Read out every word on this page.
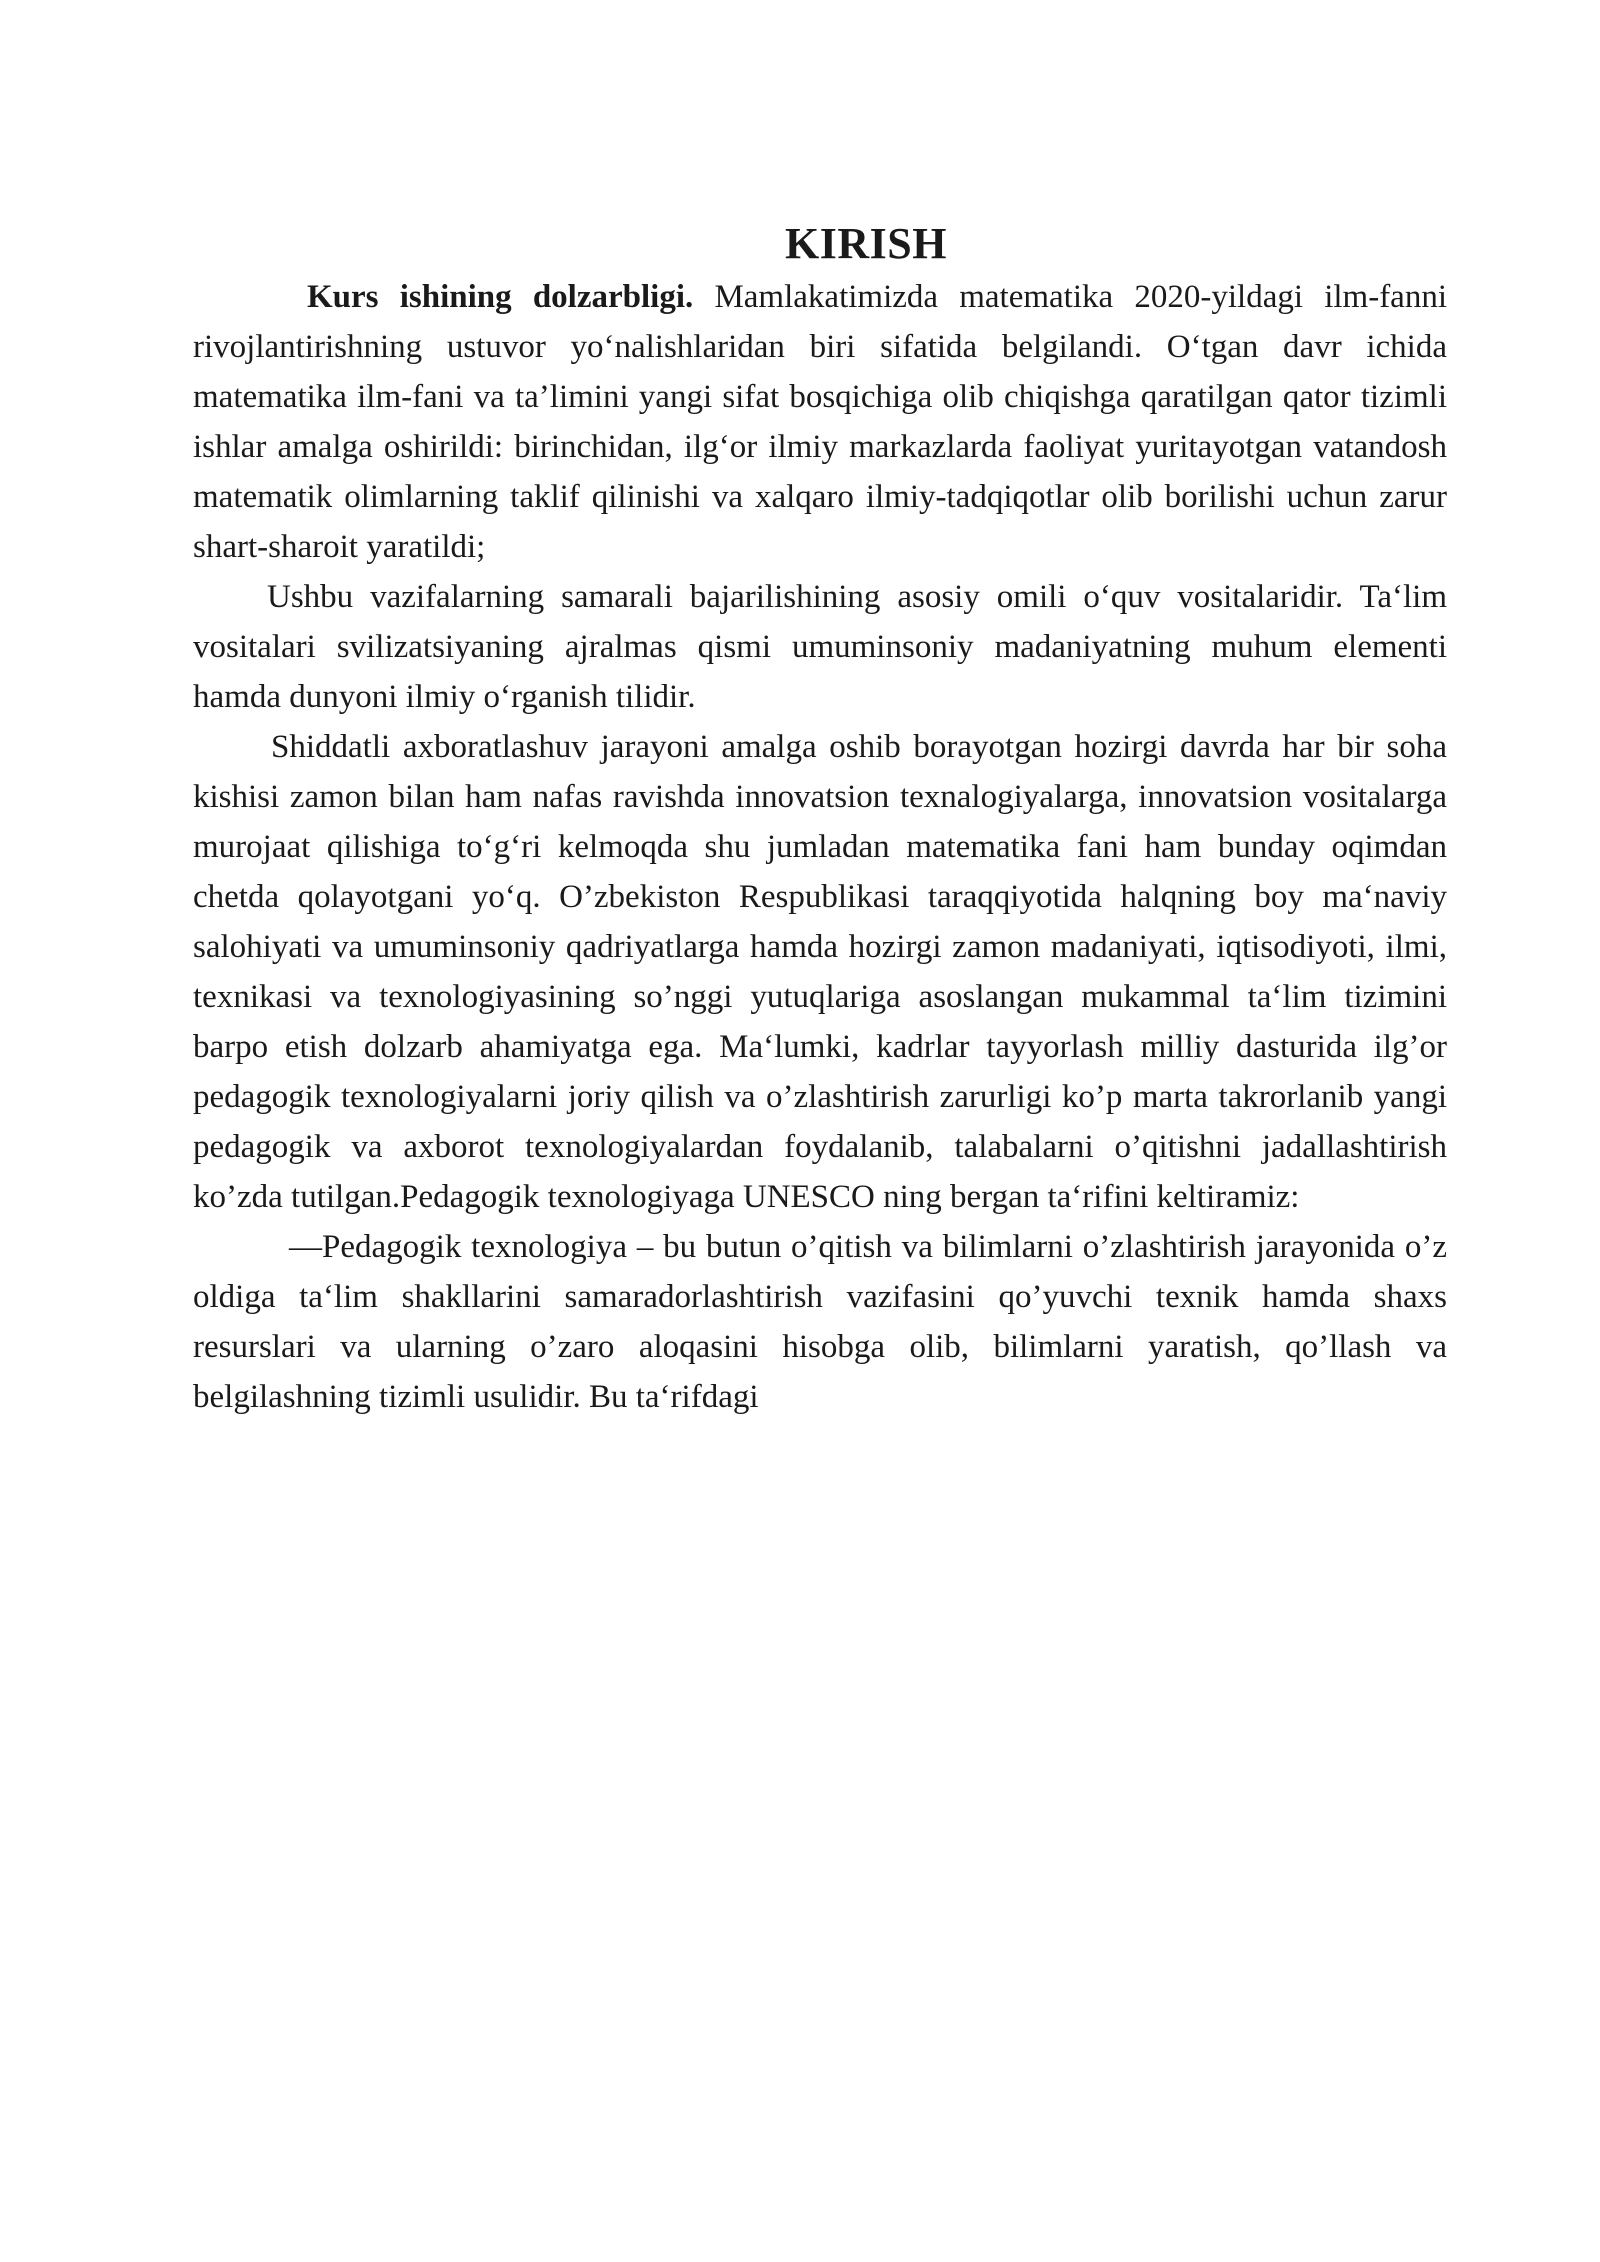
KIRISH

Kurs ishining dolzarbligi. Mamlakatimizda matematika 2020-yildagi ilm-fanni rivojlantirishning ustuvor yo‘nalishlaridan biri sifatida belgilandi. O‘tgan davr ichida matematika ilm-fani va ta’limini yangi sifat bosqichiga olib chiqishga qaratilgan qator tizimli ishlar amalga oshirildi: birinchidan, ilg‘or ilmiy markazlarda faoliyat yuritayotgan vatandosh      matematik olimlarning taklif qilinishi va xalqaro ilmiy-tadqiqotlar olib borilishi uchun zarur shart-sharoit yaratildi;

Ushbu vazifalarning samarali bajarilishining asosiy omili o‘quv vositalaridir. Ta‘lim vositalari svilizatsiyaning ajralmas qismi umuminsoniy madaniyatning muhum elementi hamda dunyoni ilmiy o‘rganish tilidir.

Shiddatli axboratlashuv jarayoni amalga oshib borayotgan hozirgi davrda har bir soha kishisi zamon bilan ham nafas ravishda innovatsion texnalogiyalarga, innovatsion vositalarga murojaat qilishiga to‘g‘ri kelmoqda shu jumladan matematika fani ham bunday oqimdan chetda qolayotgani yo‘q. O’zbekiston Respublikasi taraqqiyotida halqning boy ma‘naviy salohiyati va umuminsoniy qadriyatlarga hamda hozirgi zamon madaniyati, iqtisodiyoti, ilmi, texnikasi va texnologiyasining so’nggi yutuqlariga asoslangan mukammal ta‘lim tizimini barpo etish dolzarb ahamiyatga ega. Ma‘lumki, kadrlar tayyorlash milliy dasturida ilg’or pedagogik texnologiyalarni joriy qilish va o’zlashtirish zarurligi ko’p marta takrorlanib yangi pedagogik va axborot texnologiyalardan foydalanib, talabalarni o’qitishni jadallashtirish ko’zda tutilgan.Pedagogik texnologiyaga UNESCO ning bergan ta‘rifini keltiramiz:

―Pedagogik texnologiya – bu butun o’qitish va bilimlarni o’zlashtirish jarayonida o’z oldiga ta‘lim shakllarini samaradorlashtirish vazifasini qo’yuvchi texnik hamda shaxs resurslari va ularning o’zaro aloqasini hisobga olib, bilimlarni yaratish, qo’llash va belgilashning tizimli usulidir. Bu ta‘rifdagi
